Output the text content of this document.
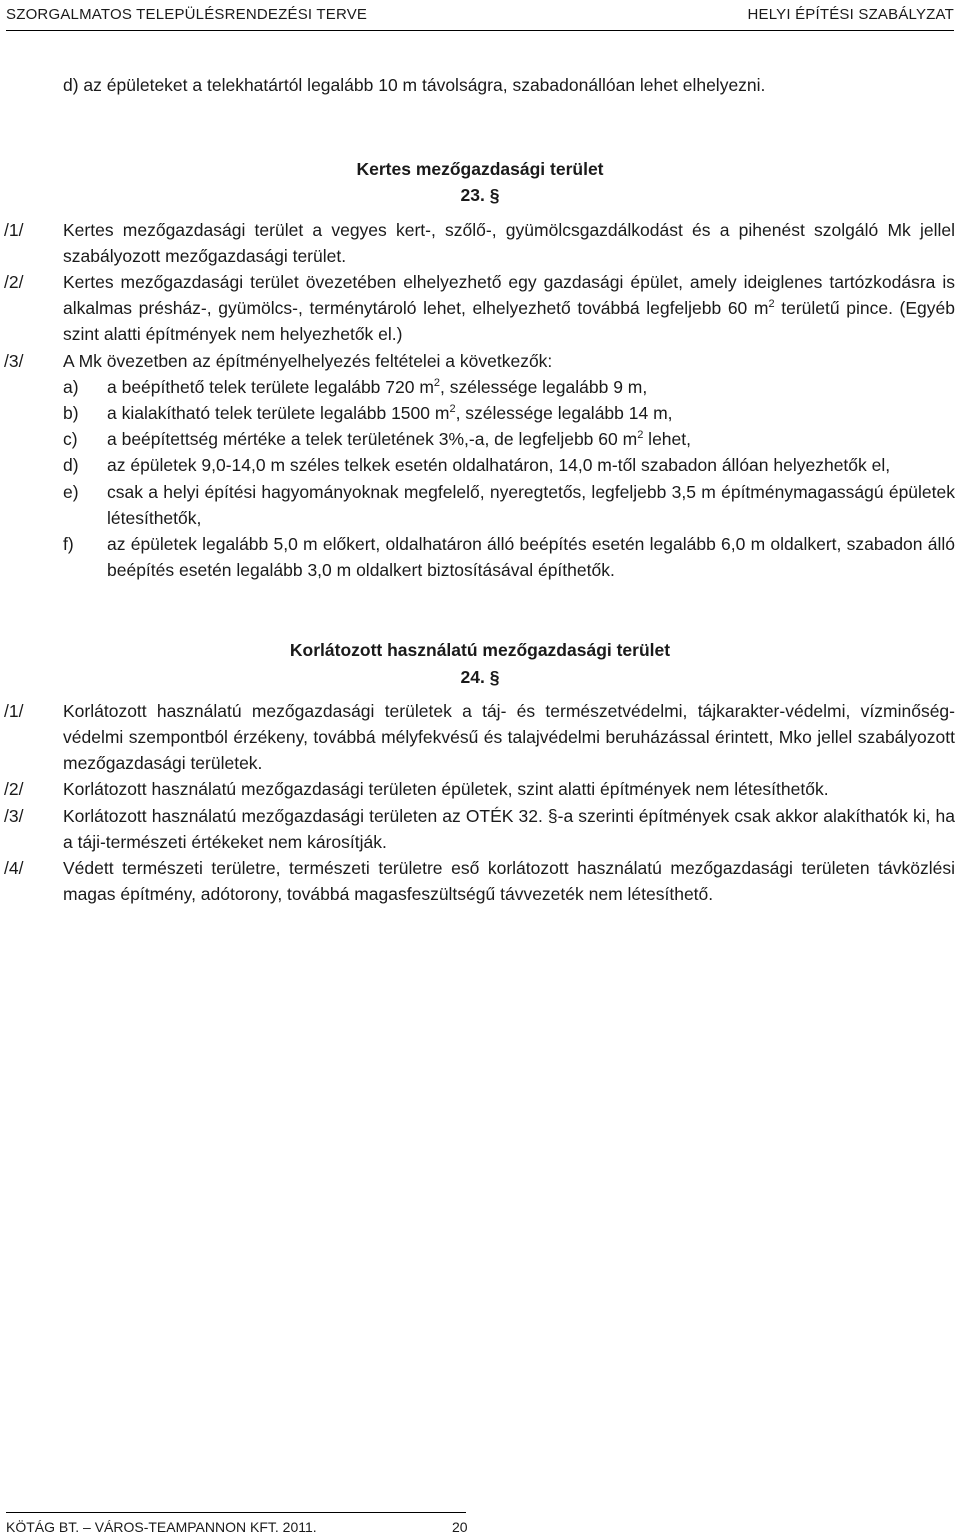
SZORGALMATOS TELEPÜLÉSRENDEZÉSI TERVE	HELYI ÉPÍTÉSI SZABÁLYZAT
d) az épületeket a telekhatártól legalább 10 m távolságra, szabadonállóan lehet elhelyezni.
Kertes mezőgazdasági terület
23. §
/1/	Kertes mezőgazdasági terület a vegyes kert-, szőlő-, gyümölcsgazdálkodást és a pihenést szolgáló Mk jellel szabályozott mezőgazdasági terület.
/2/	Kertes mezőgazdasági terület övezetében elhelyezhető egy gazdasági épület, amely ideiglenes tartózkodásra is alkalmas présház-, gyümölcs-, terménytároló lehet, elhelyezhető továbbá legfeljebb 60 $m^2$ területű pince. (Egyéb szint alatti építmények nem helyezhetők el.)
/3/	A Mk övezetben az építményelhelyezés feltételei a következők:
a)	a beépíthető telek területe legalább 720 $m^2$, szélessége legalább 9 m,
b)	a kialakítható telek területe legalább 1500 $m^2$, szélessége legalább 14 m,
c)	a beépítettség mértéke a telek területének 3%,-a, de legfeljebb 60 $m^2$ lehet,
d)	az épületek 9,0-14,0 m széles telkek esetén oldalhatáron, 14,0 m-től szabadon állóan helyezhetők el,
e)	csak a helyi építési hagyományoknak megfelelő, nyeregtetős, legfeljebb 3,5 m építménymagasságú épületek létesíthetők,
f)	az épületek legalább 5,0 m előkert, oldalhatáron álló beépítés esetén legalább 6,0 m oldalkert, szabadon álló beépítés esetén legalább 3,0 m oldalkert biztosításával építhetők.
Korlátozott használatú mezőgazdasági terület
24. §
/1/	Korlátozott használatú mezőgazdasági területek a táj- és természetvédelmi, tájkarakter-védelmi, vízminőség-védelmi szempontból érzékeny, továbbá mélyfekvésű és talajvédelmi beruházással érintett, Mko jellel szabályozott mezőgazdasági területek.
/2/	Korlátozott használatú mezőgazdasági területen épületek, szint alatti építmények nem létesíthetők.
/3/	Korlátozott használatú mezőgazdasági területen az OTÉK 32. §-a szerinti építmények csak akkor alakíthatók ki, ha a táji-természeti értékeket nem károsítják.
/4/	Védett természeti területre, természeti területre eső korlátozott használatú mezőgazdasági területen távközlési magas építmény, adótorony, továbbá magasfeszültségű távvezeték nem létesíthető.
KÖTÁG BT. – VÁROS-TEAMPANNON KFT. 2011.	20
